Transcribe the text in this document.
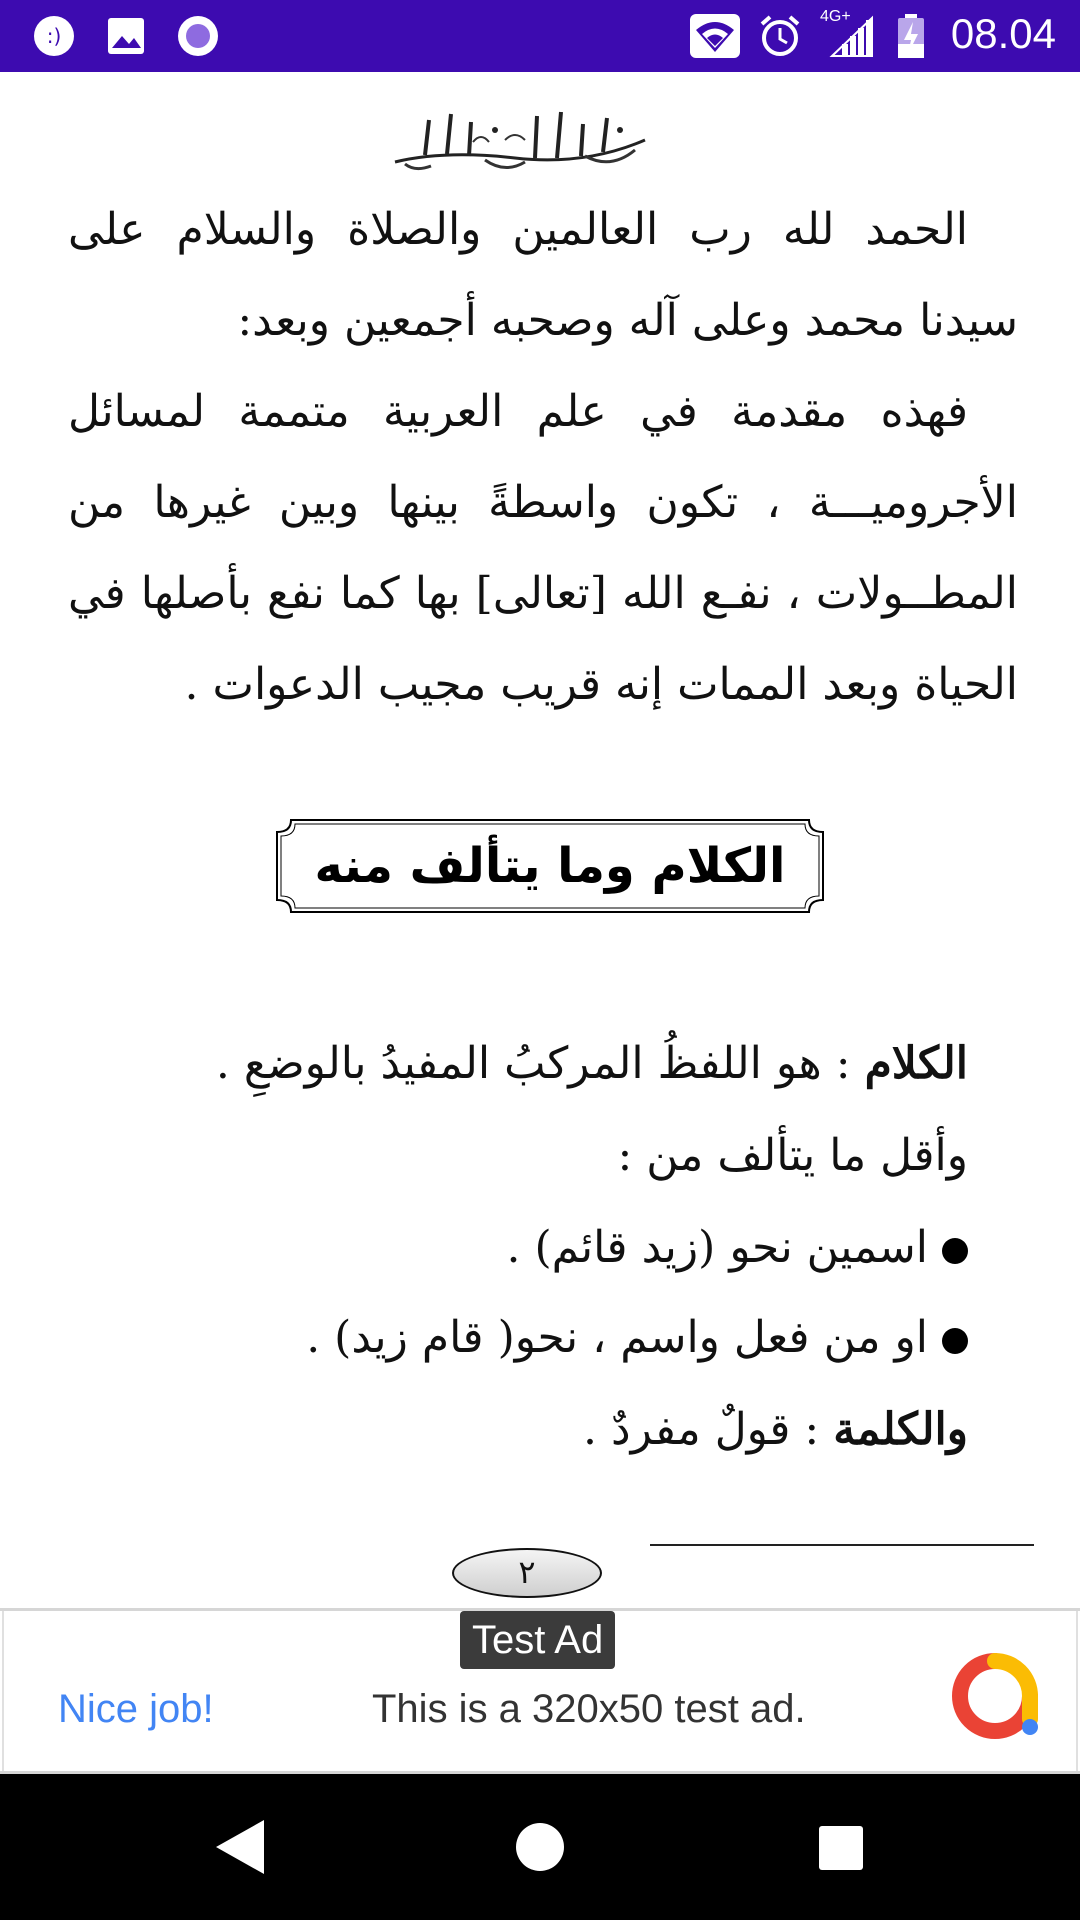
:)
4G+ 08.04
الحمد لله رب العالمين والصلاة والسلام على سيدنا محمد وعلى آله وصحبه أجمعين وبعد:
فهذه مقدمة في علم العربية متممة لمسائل الأجروميـــة ، تكون واسطةً بينها وبين غيرها من المطــولات ، نفـع الله [تعالى] بها كما نفع بأصلها في الحياة وبعد الممات إنه قريب مجيب الدعوات .
الكلام وما يتألف منه
الكلام : هو اللفظُ المركبُ المفيدُ بالوضعِ .
وأقل ما يتألف من :
اسمين نحو (زيد قائم) .
او من فعل واسم ، نحو( قام زيد) .
والكلمة : قولٌ مفردٌ .
٢
Test Ad
Nice job!	This is a 320x50 test ad.
